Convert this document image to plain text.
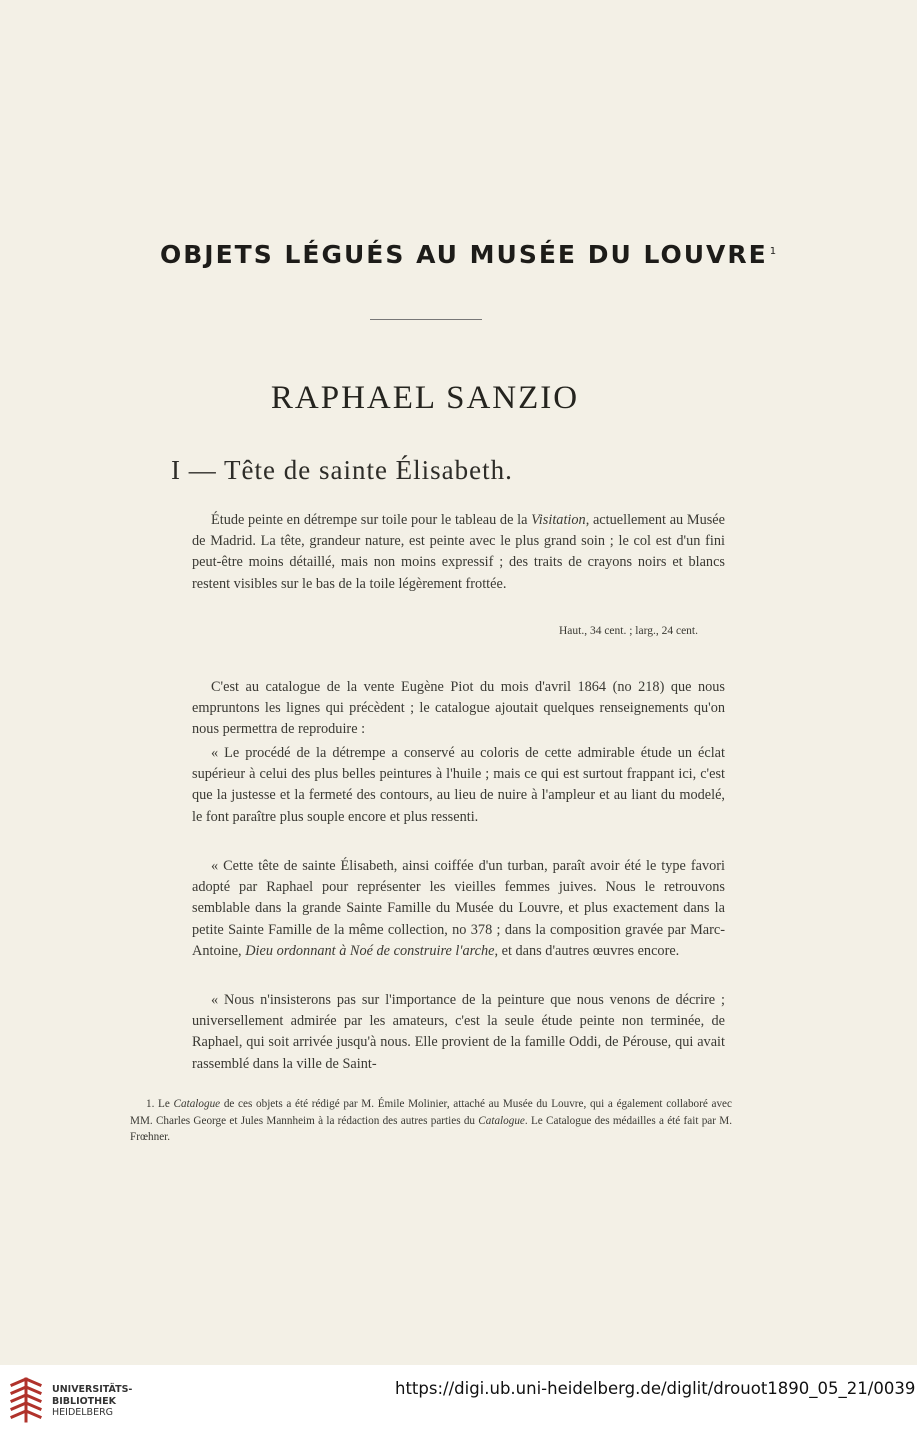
OBJETS LÉGUÉS AU MUSÉE DU LOUVRE $^1$
RAPHAEL SANZIO
I — Tête de sainte Élisabeth.

Étude peinte en détrempe sur toile pour le tableau de la Visitation, actuellement au Musée de Madrid. La tête, grandeur nature, est peinte avec le plus grand soin ; le col est d'un fini peut-être moins détaillé, mais non moins expressif ; des traits de crayons noirs et blancs restent visibles sur le bas de la toile légèrement frottée.

Haut., 34 cent. ; larg., 24 cent.

C'est au catalogue de la vente Eugène Piot du mois d'avril 1864 (no 218) que nous empruntons les lignes qui précèdent ; le catalogue ajoutait quelques renseignements qu'on nous permettra de reproduire :

« Le procédé de la détrempe a conservé au coloris de cette admirable étude un éclat supérieur à celui des plus belles peintures à l'huile ; mais ce qui est surtout frappant ici, c'est que la justesse et la fermeté des contours, au lieu de nuire à l'ampleur et au liant du modelé, le font paraître plus souple encore et plus ressenti.

« Cette tête de sainte Élisabeth, ainsi coiffée d'un turban, paraît avoir été le type favori adopté par Raphael pour représenter les vieilles femmes juives. Nous le retrouvons semblable dans la grande Sainte Famille du Musée du Louvre, et plus exactement dans la petite Sainte Famille de la même collection, no 378 ; dans la composition gravée par Marc-Antoine, Dieu ordonnant à Noé de construire l'arche, et dans d'autres œuvres encore.

« Nous n'insisterons pas sur l'importance de la peinture que nous venons de décrire ; universellement admirée par les amateurs, c'est la seule étude peinte non terminée, de Raphael, qui soit arrivée jusqu'à nous. Elle provient de la famille Oddi, de Pérouse, qui avait rassemblé dans la ville de Saint-

1. Le Catalogue de ces objets a été rédigé par M. Émile Molinier, attaché au Musée du Louvre, qui a également collaboré avec MM. Charles George et Jules Mannheim à la rédaction des autres parties du Catalogue. Le Catalogue des médailles a été fait par M. Frœhner.

UNIVERSITÄTS-
BIBLIOTHEK
HEIDELBERG
https://digi.ub.uni-heidelberg.de/diglit/drouot1890_05_21/0039
